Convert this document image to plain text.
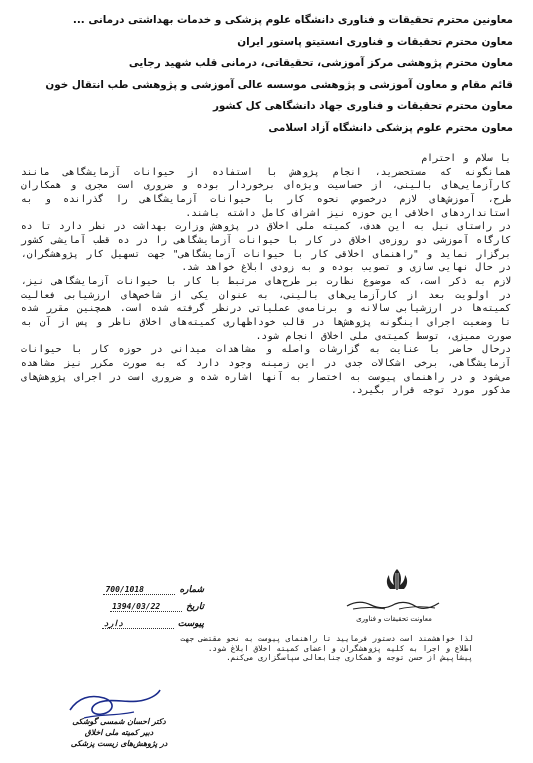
معاونین محترم تحقیقات و فناوری دانشگاه علوم پزشکی و خدمات بهداشتی درمانی ...
معاون محترم تحقیقات و فناوری انستیتو پاستور ایران
معاون محترم پژوهشی مرکز آموزشی، تحقیقاتی، درمانی قلب شهید رجایی
قائم مقام و معاون آموزشی و پژوهشی موسسه عالی آموزشی و پژوهشی طب انتقال خون
معاون محترم تحقیقات و فناوری جهاد دانشگاهی کل کشور
معاون محترم علوم پزشکی دانشگاه آزاد اسلامی

با سلام و احترام

همانگونه که مستحضرید، انجام پژوهش با استفاده از حیوانات آزمایشگاهی مانند کارآزمایی‌های بالینی، از حساسیت ویژه‌ای برخوردار بوده و ضروری است مجری و همکاران طرح، آموزش‌های لازم درخصوص نحوه کار با حیوانات آزمایشگاهی را گذرانده و به استانداردهای اخلاقی این حوزه نیز اشراف کامل داشته باشند.

در راستای نیل به این هدف، کمیته ملی اخلاق در پژوهش وزارت بهداشت در نظر دارد تا ده کارگاه آموزشی دو روزه‌ی اخلاق در کار با حیوانات آزمایشگاهی را در ده قطب آمایشی کشور برگزار نماید و "راهنمای اخلاقی کار با حیوانات آزمایشگاهی" جهت تسهیل کار پژوهشگران، در حال نهایی سازی و تصویب بوده و به زودی ابلاغ خواهد شد.

لازم به ذکر است، که موضوع نظارت بر طرح‌های مرتبط با کار با حیوانات آزمایشگاهی نیز، در اولویت بعد از کارآزمایی‌های بالینی، به عنوان یکی از شاخص‌های ارزشیابی فعالیت کمیته‌ها در ارزشیابی سالانه و برنامه‌ی عملیاتی درنظر گرفته شده است. همچنین مقرر شده تا وضعیت اجرای اینگونه پژوهش‌ها در قالب خوداظهاری کمیته‌های اخلاق ناظر و پس از آن به صورت ممیزی، توسط کمیته‌ی ملی اخلاق انجام شود.

درحال حاضر با عنایت به گزارشات واصله و مشاهدات میدانی در حوزه کار با حیوانات آزمایشگاهی، برخی اشکالات جدی در این زمینه وجود دارد که به صورت مکرر نیز مشاهده می‌شود و در راهنمای پیوست به اختصار به آنها اشاره شده و ضروری است در اجرای پژوهش‌های مذکور مورد توجه قرار بگیرد.

معاونت تحقیقات و فناوری
شماره
700/1018
تاریخ
1394/03/22
پیوست
دارد

لذا خواهشمند است دستور فرمایید تا راهنمای پیوست به نحو مقتضی جهت

اطلاع و اجرا به کلیه پژوهشگران و اعضای کمیته اخلاق ابلاغ شود.

پیشاپیش از حسن توجه و همکاری جنابعالی سپاسگزاری می‌کنم.

دکتر احسان شمسی گوشکی
دبیر کمیته ملی اخلاق
در پژوهش‌های زیست پزشکی
